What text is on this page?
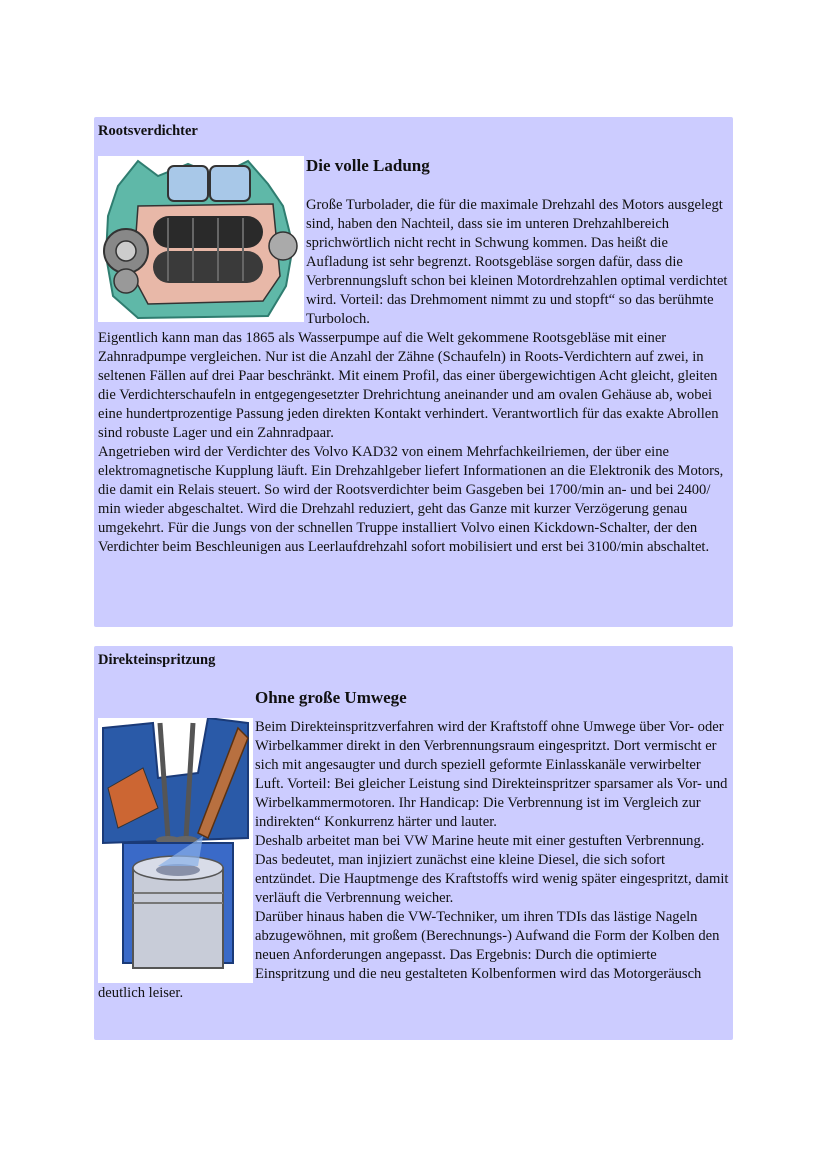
Rootsverdichter
Die volle Ladung

Große Turbolader, die für die maximale Drehzahl des Motors ausgelegt sind, haben den Nachteil, dass sie im unteren Drehzahlbereich sprichwörtlich nicht recht in Schwung kommen. Das heißt die Aufladung ist sehr begrenzt. Rootsgebläse sorgen dafür, dass die Verbrennungsluft schon bei kleinen Motordrehzahlen optimal verdichtet wird. Vorteil: das Drehmoment nimmt zu und stopft“ so das berühmte Turboloch.

Eigentlich kann man das 1865 als Wasserpumpe auf die Welt gekommene Rootsgebläse mit einer Zahnradpumpe vergleichen. Nur ist die Anzahl der Zähne (Schaufeln) in Roots-Verdichtern auf zwei, in seltenen Fällen auf drei Paar beschränkt. Mit einem Profil, das einer übergewichtigen Acht gleicht, gleiten die Verdichterschaufeln in entgegengesetzter Drehrichtung aneinander und am ovalen Gehäuse ab, wobei eine hundertprozentige Passung jeden direkten Kontakt verhindert. Verantwortlich für das exakte Abrollen sind robuste Lager und ein Zahnradpaar.

Angetrieben wird der Verdichter des Volvo KAD32 von einem Mehrfachkeilriemen, der über eine elektromagnetische Kupplung läuft. Ein Drehzahlgeber liefert Informationen an die Elektronik des Motors, die damit ein Relais steuert. So wird der Rootsverdichter beim Gasgeben bei 1700/min an- und bei 2400/ min wieder abgeschaltet. Wird die Drehzahl reduziert, geht das Ganze mit kurzer Verzögerung genau umgekehrt. Für die Jungs von der schnellen Truppe installiert Volvo einen Kickdown-Schalter, der den Verdichter beim Beschleunigen aus Leerlaufdrehzahl sofort mobilisiert und erst bei 3100/min abschaltet.

Direkteinspritzung
Ohne große Umwege

Beim Direkteinspritzverfahren wird der Kraftstoff ohne Umwege über Vor- oder Wirbelkammer direkt in den Verbrennungsraum eingespritzt. Dort vermischt er sich mit angesaugter und durch speziell geformte Einlasskanäle verwirbelter Luft. Vorteil: Bei gleicher Leistung sind Direkteinspritzer sparsamer als Vor- und Wirbelkammermotoren. Ihr Handicap: Die Verbrennung ist im Vergleich zur indirekten“ Konkurrenz härter und lauter.

Deshalb arbeitet man bei VW Marine heute mit einer gestuften Verbrennung. Das bedeutet, man injiziert zunächst eine kleine Diesel, die sich sofort entzündet. Die Hauptmenge des Kraftstoffs wird wenig später eingespritzt, damit verläuft die Verbrennung weicher.

Darüber hinaus haben die VW-Techniker, um ihren TDIs das lästige Nageln abzugewöhnen, mit großem (Berechnungs-) Aufwand die Form der Kolben den neuen Anforderungen angepasst. Das Ergebnis: Durch die optimierte Einspritzung und die neu gestalteten Kolbenformen wird das Motorgeräusch deutlich leiser.
